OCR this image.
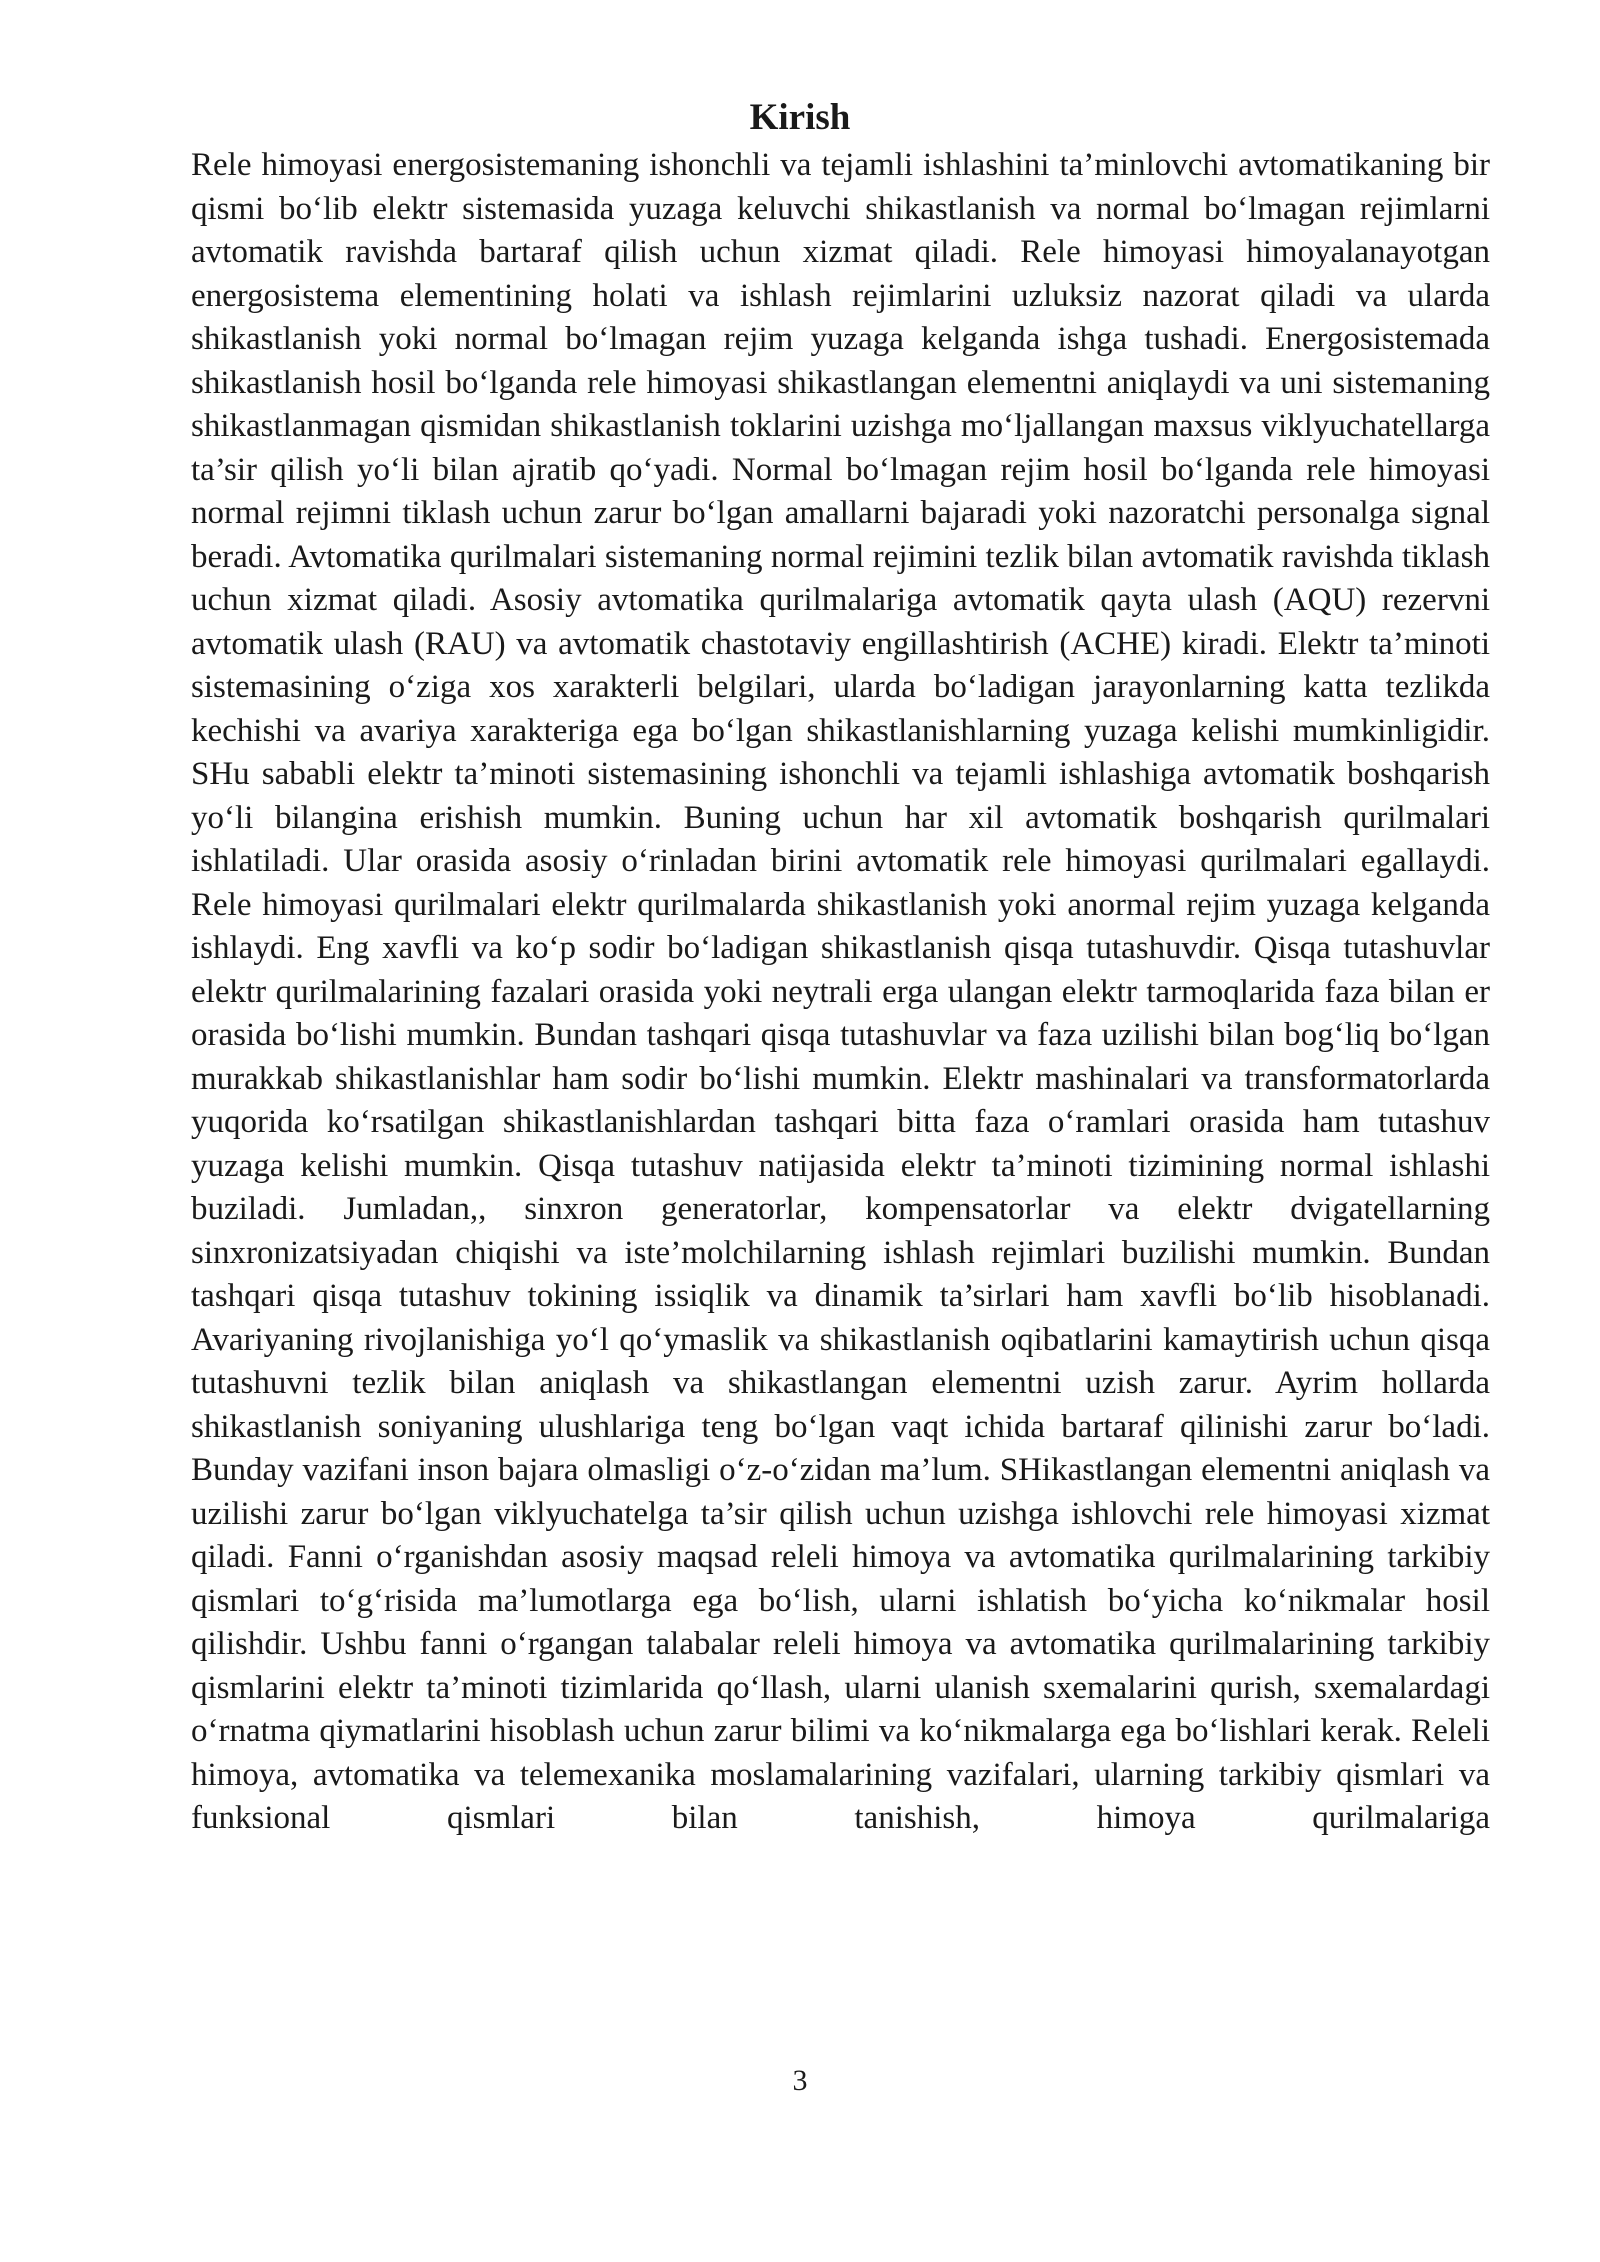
Kirish

Rele himoyasi energosistemaning ishonchli va tejamli ishlashini ta’minlovchi avtomatikaning bir qismi bo‘lib elektr sistemasida yuzaga keluvchi shikastlanish va normal bo‘lmagan rejimlarni avtomatik ravishda bartaraf qilish uchun xizmat qiladi. Rele himoyasi himoyalanayotgan energosistema elementining holati va ishlash rejimlarini uzluksiz nazorat qiladi va ularda shikastlanish yoki normal bo‘lmagan rejim yuzaga kelganda ishga tushadi. Energosistemada shikastlanish hosil bo‘lganda rele himoyasi shikastlangan elementni aniqlaydi va uni sistemaning shikastlanmagan qismidan shikastlanish toklarini uzishga mo‘ljallangan maxsus viklyuchatellarga ta’sir qilish yo‘li bilan ajratib qo‘yadi. Normal bo‘lmagan rejim hosil bo‘lganda rele himoyasi normal rejimni tiklash uchun zarur bo‘lgan amallarni bajaradi yoki nazoratchi personalga signal beradi. Avtomatika qurilmalari sistemaning normal rejimini tezlik bilan avtomatik ravishda tiklash uchun xizmat qiladi. Asosiy avtomatika qurilmalariga avtomatik qayta ulash (AQU) rezervni avtomatik ulash (RAU) va avtomatik chastotaviy engillashtirish (ACHE) kiradi. Elektr ta’minoti sistemasining o‘ziga xos xarakterli belgilari, ularda bo‘ladigan jarayonlarning katta tezlikda kechishi va avariya xarakteriga ega bo‘lgan shikastlanishlarning yuzaga kelishi mumkinligidir. SHu sababli elektr ta’minoti sistemasining ishonchli va tejamli ishlashiga avtomatik boshqarish yo‘li bilangina erishish mumkin. Buning uchun har xil avtomatik boshqarish qurilmalari ishlatiladi. Ular orasida asosiy o‘rinladan birini avtomatik rele himoyasi qurilmalari egallaydi. Rele himoyasi qurilmalari elektr qurilmalarda shikastlanish yoki anormal rejim yuzaga kelganda ishlaydi. Eng xavfli va ko‘p sodir bo‘ladigan shikastlanish qisqa tutashuvdir. Qisqa tutashuvlar elektr qurilmalarining fazalari orasida yoki neytrali erga ulangan elektr tarmoqlarida faza bilan er orasida bo‘lishi mumkin. Bundan tashqari qisqa tutashuvlar va faza uzilishi bilan bog‘liq bo‘lgan murakkab shikastlanishlar ham sodir bo‘lishi mumkin. Elektr mashinalari va transformatorlarda yuqorida ko‘rsatilgan shikastlanishlardan tashqari bitta faza o‘ramlari orasida ham tutashuv yuzaga kelishi mumkin. Qisqa tutashuv natijasida elektr ta’minoti tizimining normal ishlashi buziladi. Jumladan,, sinxron generatorlar, kompensatorlar va elektr dvigatellarning sinxronizatsiyadan chiqishi va iste’molchilarning ishlash rejimlari buzilishi mumkin. Bundan tashqari qisqa tutashuv tokining issiqlik va dinamik ta’sirlari ham xavfli bo‘lib hisoblanadi. Avariyaning rivojlanishiga yo‘l qo‘ymaslik va shikastlanish oqibatlarini kamaytirish uchun qisqa tutashuvni tezlik bilan aniqlash va shikastlangan elementni uzish zarur. Ayrim hollarda shikastlanish soniyaning ulushlariga teng bo‘lgan vaqt ichida bartaraf qilinishi zarur bo‘ladi. Bunday vazifani inson bajara olmasligi o‘z-o‘zidan ma’lum. SHikastlangan elementni aniqlash va uzilishi zarur bo‘lgan viklyuchatelga ta’sir qilish uchun uzishga ishlovchi rele himoyasi xizmat qiladi. Fanni o‘rganishdan asosiy maqsad releli himoya va avtomatika qurilmalarining tarkibiy qismlari to‘g‘risida ma’lumotlarga ega bo‘lish, ularni ishlatish bo‘yicha ko‘nikmalar hosil qilishdir. Ushbu fanni o‘rgangan talabalar releli himoya va avtomatika qurilmalarining tarkibiy qismlarini elektr ta’minoti tizimlarida qo‘llash, ularni ulanish sxemalarini qurish, sxemalardagi o‘rnatma qiymatlarini hisoblash uchun zarur bilimi va ko‘nikmalarga ega bo‘lishlari kerak. Releli himoya, avtomatika va telemexanika moslamalarining vazifalari, ularning tarkibiy qismlari va funksional qismlari bilan tanishish, himoya qurilmalariga

3
